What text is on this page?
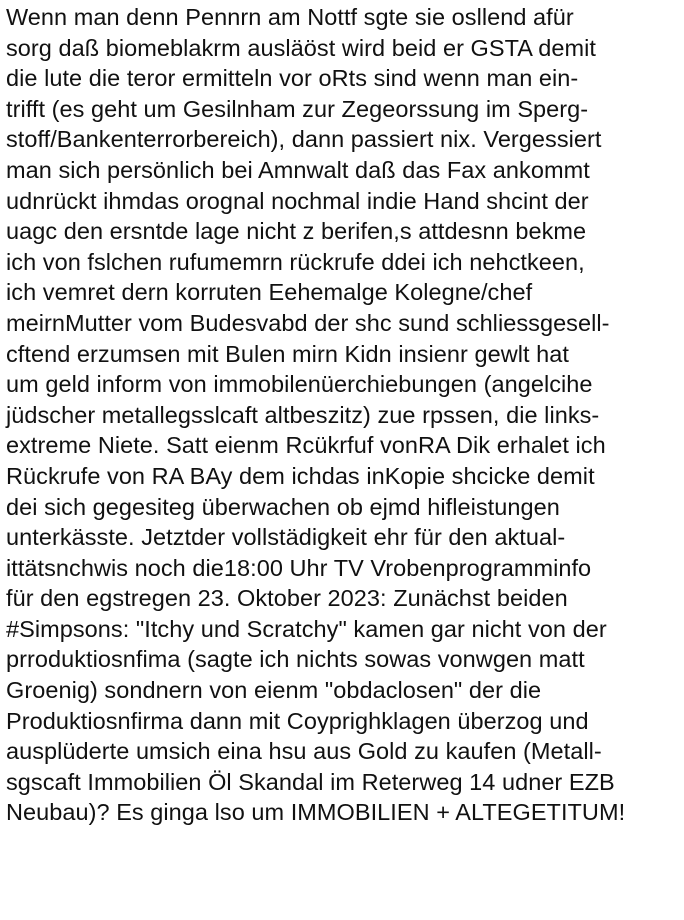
Wenn man denn Pennrn am Nottf sgte sie osllend afür
sorg daß biomeblakrm ausläöst wird beid er GSTA demit
die lute die teror ermitteln vor oRts sind wenn man ein-
trifft (es geht um Gesilnham zur Zegeorssung im Sperg-
stoff/Bankenterrorbereich), dann passiert nix. Vergessiert
man sich persönlich bei Amnwalt daß das Fax ankommt
udnrückt ihmdas orognal nochmal indie Hand shcint der
uagc den ersntde lage nicht z berifen,s attdesnn bekme
ich von fslchen rufumemrn rückrufe ddei ich nehctkeen,
ich vemret dern korruten Eehemalge Kolegne/chef
meirnMutter vom Budesvabd der shc sund schliessgesell-
cftend erzumsen mit Bulen mirn Kidn insienr gewlt hat
um geld inform von immobilenüerchiebungen (angelcihe
jüdscher metallegsslcaft altbeszitz) zue rpssen, die links-
extreme Niete. Satt eienm Rcükrfuf vonRA Dik erhalet ich
Rückrufe von RA BAy dem ichdas inKopie shcicke demit
dei sich gegesiteg überwachen ob ejmd hifleistungen
unterkässte. Jetztder vollstädigkeit ehr für den aktual-
ittätsnchwis noch die18:00 Uhr TV Vrobenprogramminfo
für den egstregen 23. Oktober 2023: Zunächst beiden
#Simpsons: "Itchy und Scratchy" kamen gar nicht von der
prroduktiosnfima (sagte ich nichts sowas vonwgen matt
Groenig) sondnern von eienm "obdaclosen" der die
Produktiosnfirma dann mit Coyprighklagen überzog und
ausplüderte umsich eina hsu aus Gold zu kaufen (Metall-
sgscaft Immobilien Öl Skandal im Reterweg 14 udner EZB
Neubau)? Es ginga lso um IMMOBILIEN + ALTEGETITUM!
